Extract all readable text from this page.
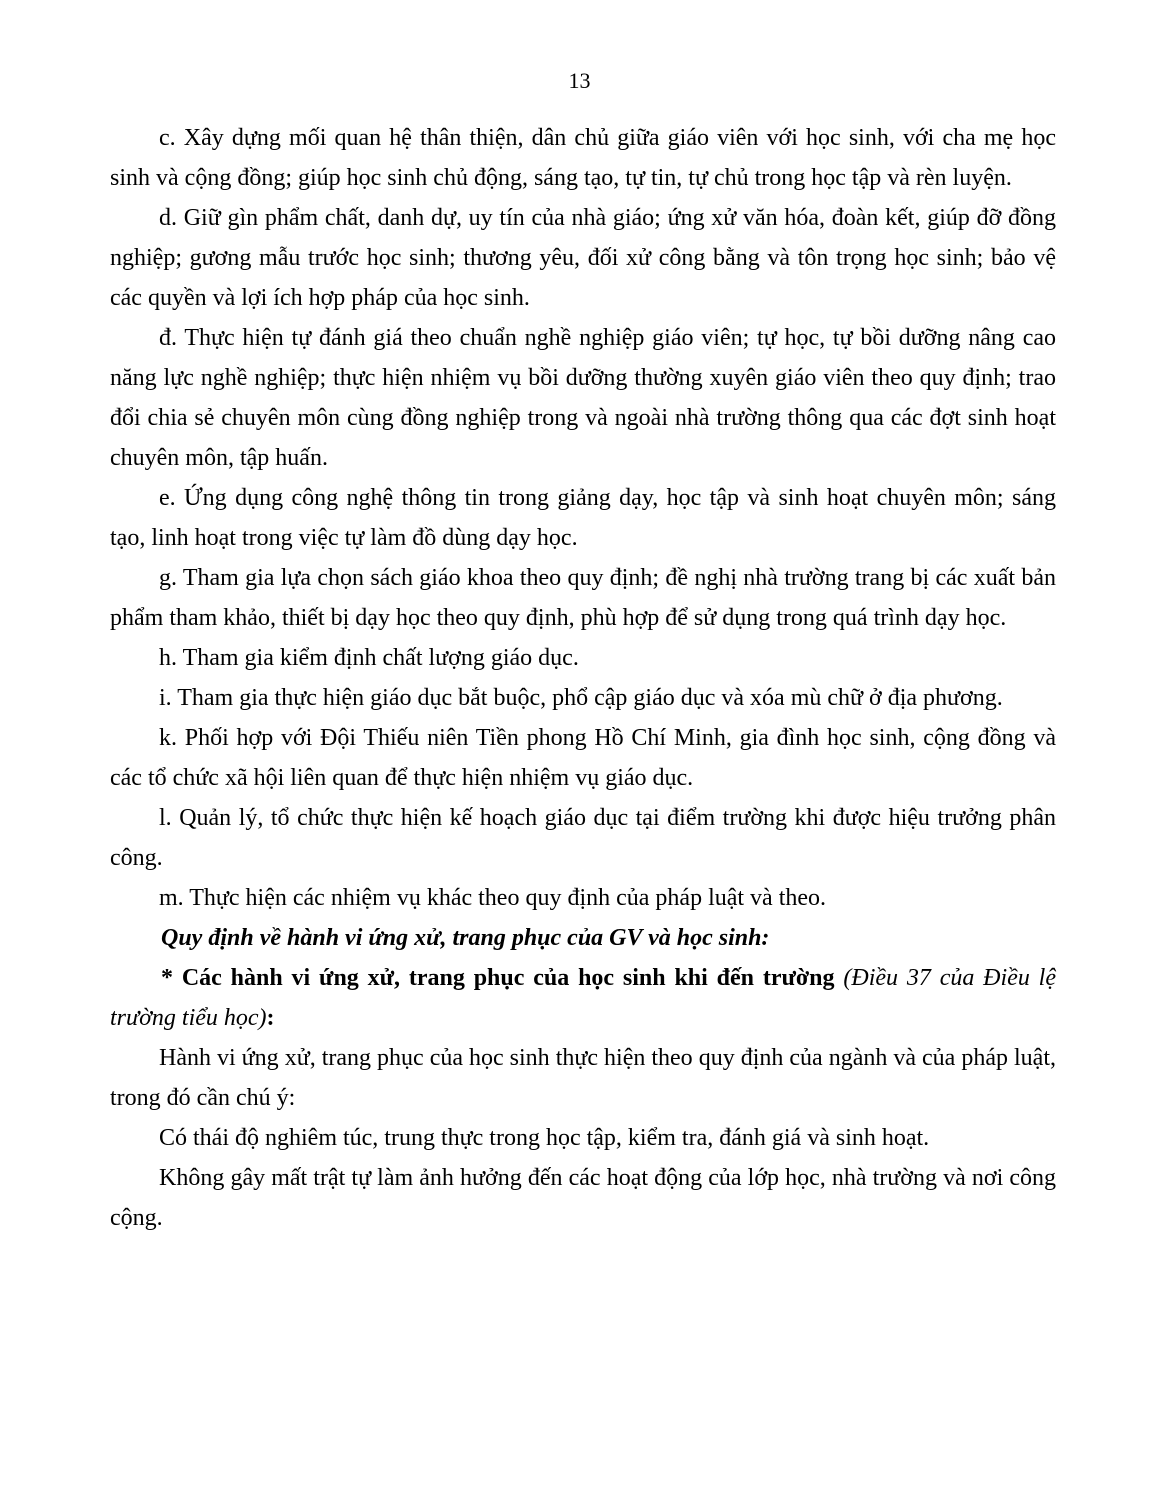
13

c. Xây dựng mối quan hệ thân thiện, dân chủ giữa giáo viên với học sinh, với cha mẹ học sinh và cộng đồng; giúp học sinh chủ động, sáng tạo, tự tin, tự chủ trong học tập và rèn luyện.

d. Giữ gìn phẩm chất, danh dự, uy tín của nhà giáo; ứng xử văn hóa, đoàn kết, giúp đỡ đồng nghiệp; gương mẫu trước học sinh; thương yêu, đối xử công bằng và tôn trọng học sinh; bảo vệ các quyền và lợi ích hợp pháp của học sinh.

đ. Thực hiện tự đánh giá theo chuẩn nghề nghiệp giáo viên; tự học, tự bồi dưỡng nâng cao năng lực nghề nghiệp; thực hiện nhiệm vụ bồi dưỡng thường xuyên giáo viên theo quy định; trao đổi chia sẻ chuyên môn cùng đồng nghiệp trong và ngoài nhà trường thông qua các đợt sinh hoạt chuyên môn, tập huấn.

e. Ứng dụng công nghệ thông tin trong giảng dạy, học tập và sinh hoạt chuyên môn; sáng tạo, linh hoạt trong việc tự làm đồ dùng dạy học.

g. Tham gia lựa chọn sách giáo khoa theo quy định; đề nghị nhà trường trang bị các xuất bản phẩm tham khảo, thiết bị dạy học theo quy định, phù hợp để sử dụng trong quá trình dạy học.

h. Tham gia kiểm định chất lượng giáo dục.

i. Tham gia thực hiện giáo dục bắt buộc, phổ cập giáo dục và xóa mù chữ ở địa phương.

k. Phối hợp với Đội Thiếu niên Tiền phong Hồ Chí Minh, gia đình học sinh, cộng đồng và các tổ chức xã hội liên quan để thực hiện nhiệm vụ giáo dục.

l. Quản lý, tổ chức thực hiện kế hoạch giáo dục tại điểm trường khi được hiệu trưởng phân công.

m. Thực hiện các nhiệm vụ khác theo quy định của pháp luật và theo.

Quy định về hành vi ứng xử, trang phục của GV và học sinh:

* Các hành vi ứng xử, trang phục của học sinh khi đến trường (Điều 37 của Điều lệ trường tiểu học):

Hành vi ứng xử, trang phục của học sinh thực hiện theo quy định của ngành và của pháp luật, trong đó cần chú ý:

Có thái độ nghiêm túc, trung thực trong học tập, kiểm tra, đánh giá và sinh hoạt.

Không gây mất trật tự làm ảnh hưởng đến các hoạt động của lớp học, nhà trường và nơi công cộng.
